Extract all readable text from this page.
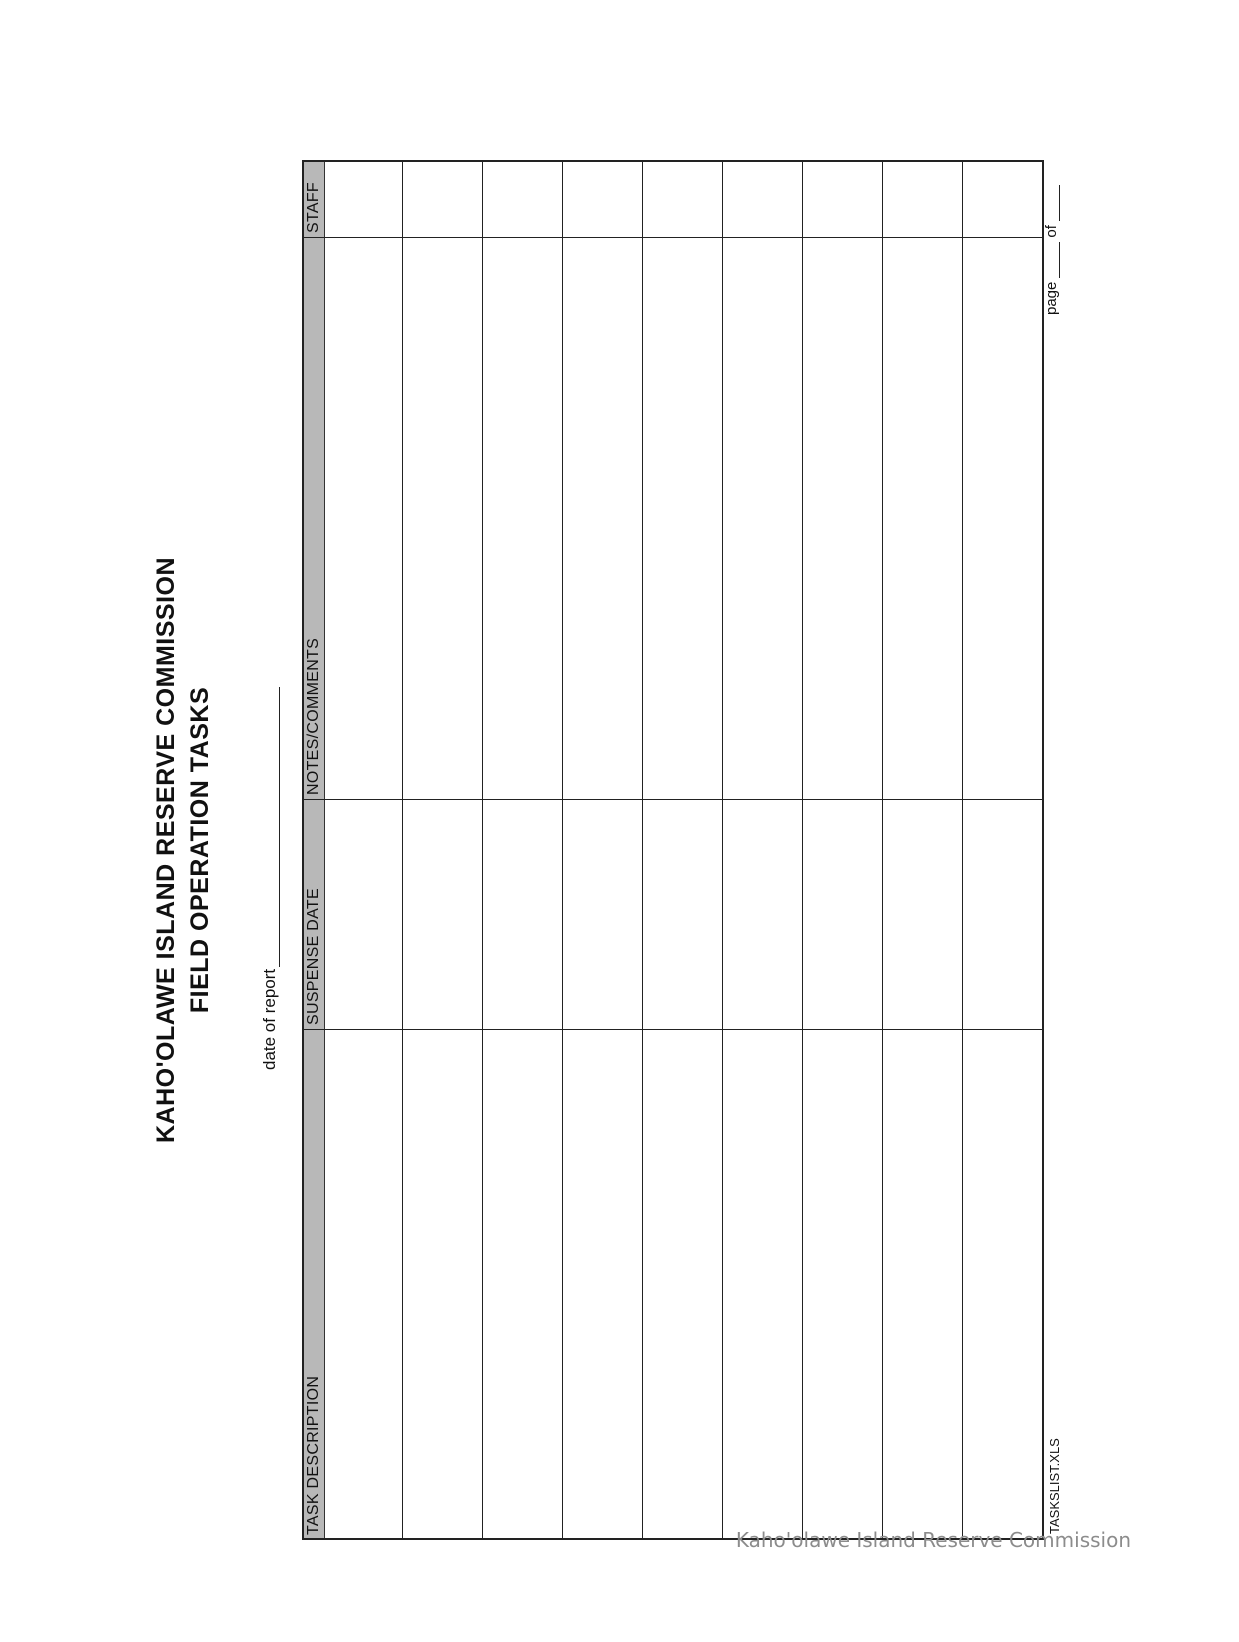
KAHO'OLAWE ISLAND RESERVE COMMISSION FIELD OPERATION TASKS
date of report
TASK DESCRIPTION
SUSPENSE DATE
NOTES/COMMENTS
STAFF
TASKSLIST.XLS
page
of
Kaho'olawe Island Reserve Commission
